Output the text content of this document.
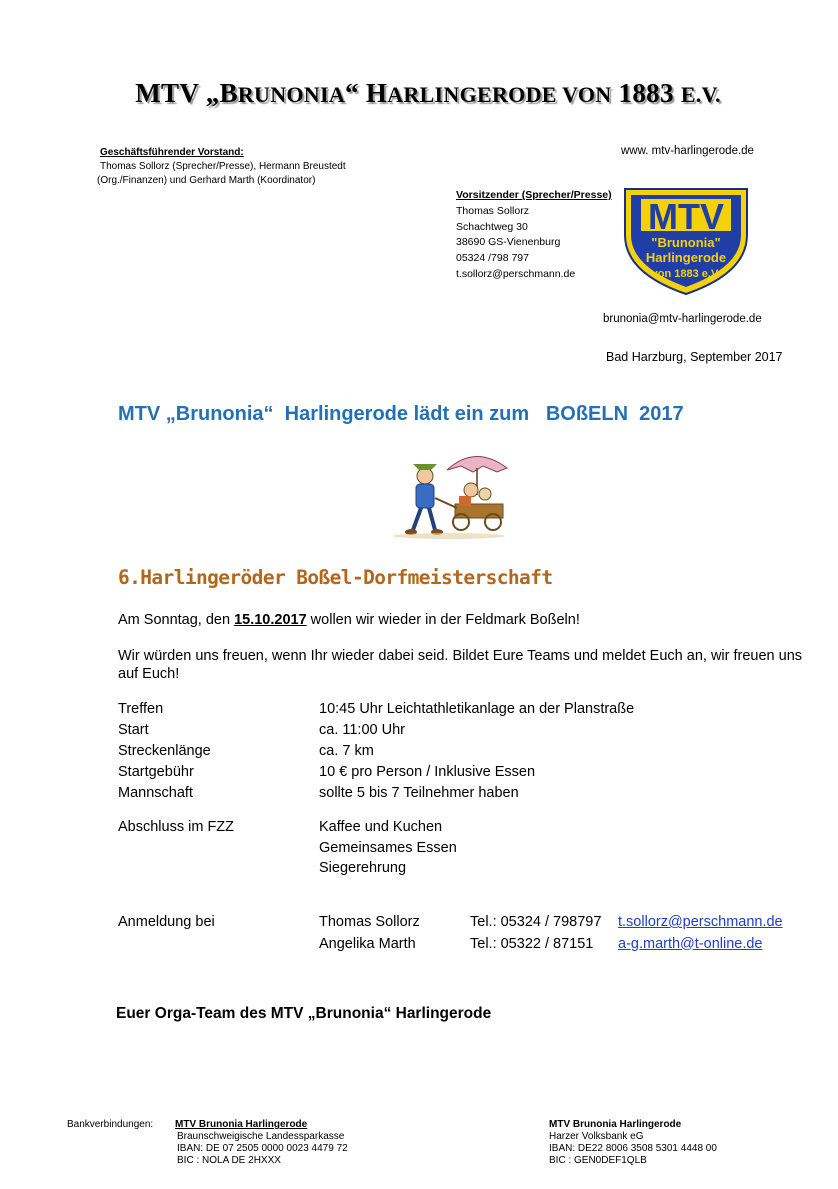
MTV „BRUNONIA“ HARLINGERODE VON 1883 E.V.
Geschäftsführender Vorstand:
Thomas Sollorz (Sprecher/Presse), Hermann Breustedt
(Org./Finanzen) und Gerhard Marth (Koordinator)
www. mtv-harlingerode.de
Vorsitzender (Sprecher/Presse)
Thomas Sollorz
Schachtweg 30
38690 GS-Vienenburg
05324 /798 797
t.sollorz@perschmann.de
MTV
"Brunonia"
Harlingerode
von 1883 e.V.
brunonia@mtv-harlingerode.de
Bad Harzburg, September 2017
MTV „Brunonia“  Harlingerode lädt ein zum   BOßELN  2017
6.Harlingeröder Boßel-Dorfmeisterschaft
Am Sonntag, den 15.10.2017 wollen wir wieder in der Feldmark Boßeln!
Wir würden uns freuen, wenn Ihr wieder dabei seid. Bildet Eure Teams und meldet Euch an, wir freuen uns auf Euch!
Treffen	10:45 Uhr Leichtathletikanlage an der Planstraße
Start	ca. 11:00 Uhr
Streckenlänge	ca. 7 km
Startgebühr	10 € pro Person / Inklusive Essen
Mannschaft	sollte 5 bis 7 Teilnehmer haben
Abschluss im FZZ	Kaffee und Kuchen
Gemeinsames Essen
Siegerehrung
Anmeldung bei	Thomas Sollorz	Tel.: 05324 / 798797	t.sollorz@perschmann.de
Angelika Marth	Tel.: 05322 / 87151	a-g.marth@t-online.de
Euer Orga-Team des MTV „Brunonia“ Harlingerode
Bankverbindungen:	MTV Brunonia Harlingerode
Braunschweigische Landessparkasse
IBAN: DE 07 2505 0000 0023 4479 72
BIC : NOLA DE 2HXXX
MTV Brunonia Harlingerode
Harzer Volksbank eG
IBAN: DE22 8006 3508 5301 4448 00
BIC : GEN0DEF1QLB
